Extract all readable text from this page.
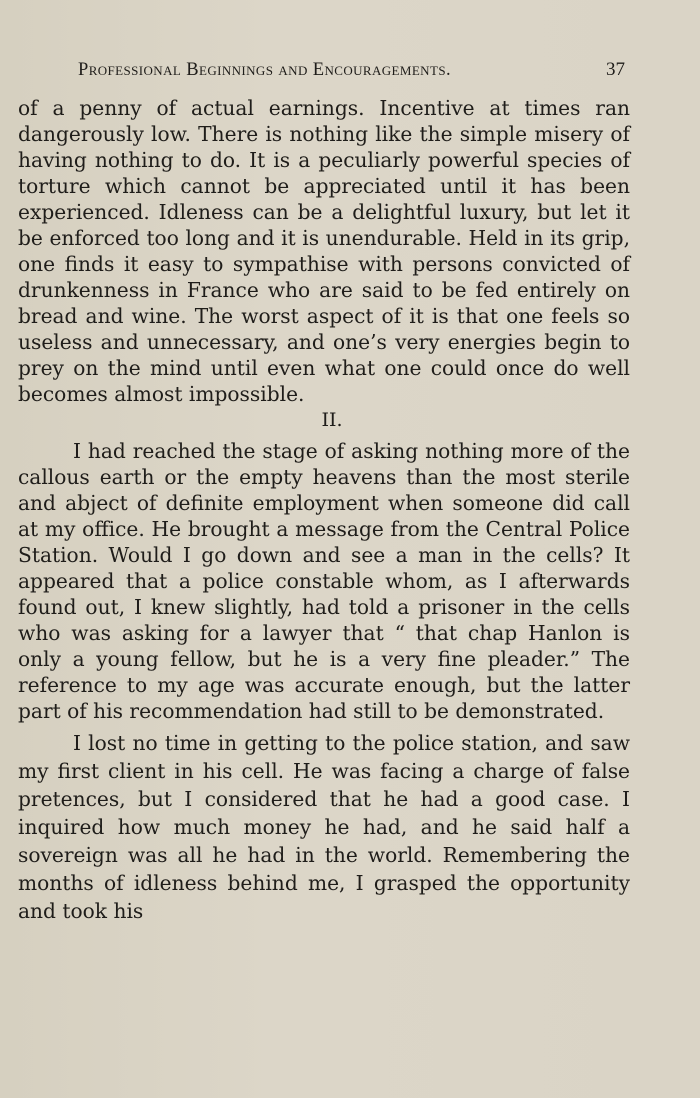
Professional Beginnings and Encouragements.	37

of a penny of actual earnings. Incentive at times ran dangerously low. There is nothing like the simple misery of having nothing to do. It is a peculiarly powerful species of torture which cannot be appreciated until it has been experienced. Idleness can be a delightful luxury, but let it be enforced too long and it is unendurable. Held in its grip, one finds it easy to sympathise with persons convicted of drunkenness in France who are said to be fed entirely on bread and wine. The worst aspect of it is that one feels so useless and unnecessary, and one’s very energies begin to prey on the mind until even what one could once do well becomes almost impossible.

II.

I had reached the stage of asking nothing more of the callous earth or the empty heavens than the most sterile and abject of definite employment when someone did call at my office. He brought a message from the Central Police Station. Would I go down and see a man in the cells? It appeared that a police constable whom, as I afterwards found out, I knew slightly, had told a prisoner in the cells who was asking for a lawyer that “ that chap Hanlon is only a young fellow, but he is a very fine pleader.” The reference to my age was accurate enough, but the latter part of his recommendation had still to be demonstrated.

I lost no time in getting to the police station, and saw my first client in his cell. He was facing a charge of false pretences, but I considered that he had a good case. I inquired how much money he had, and he said half a sovereign was all he had in the world. Remembering the months of idleness behind me, I grasped the opportunity and took his
